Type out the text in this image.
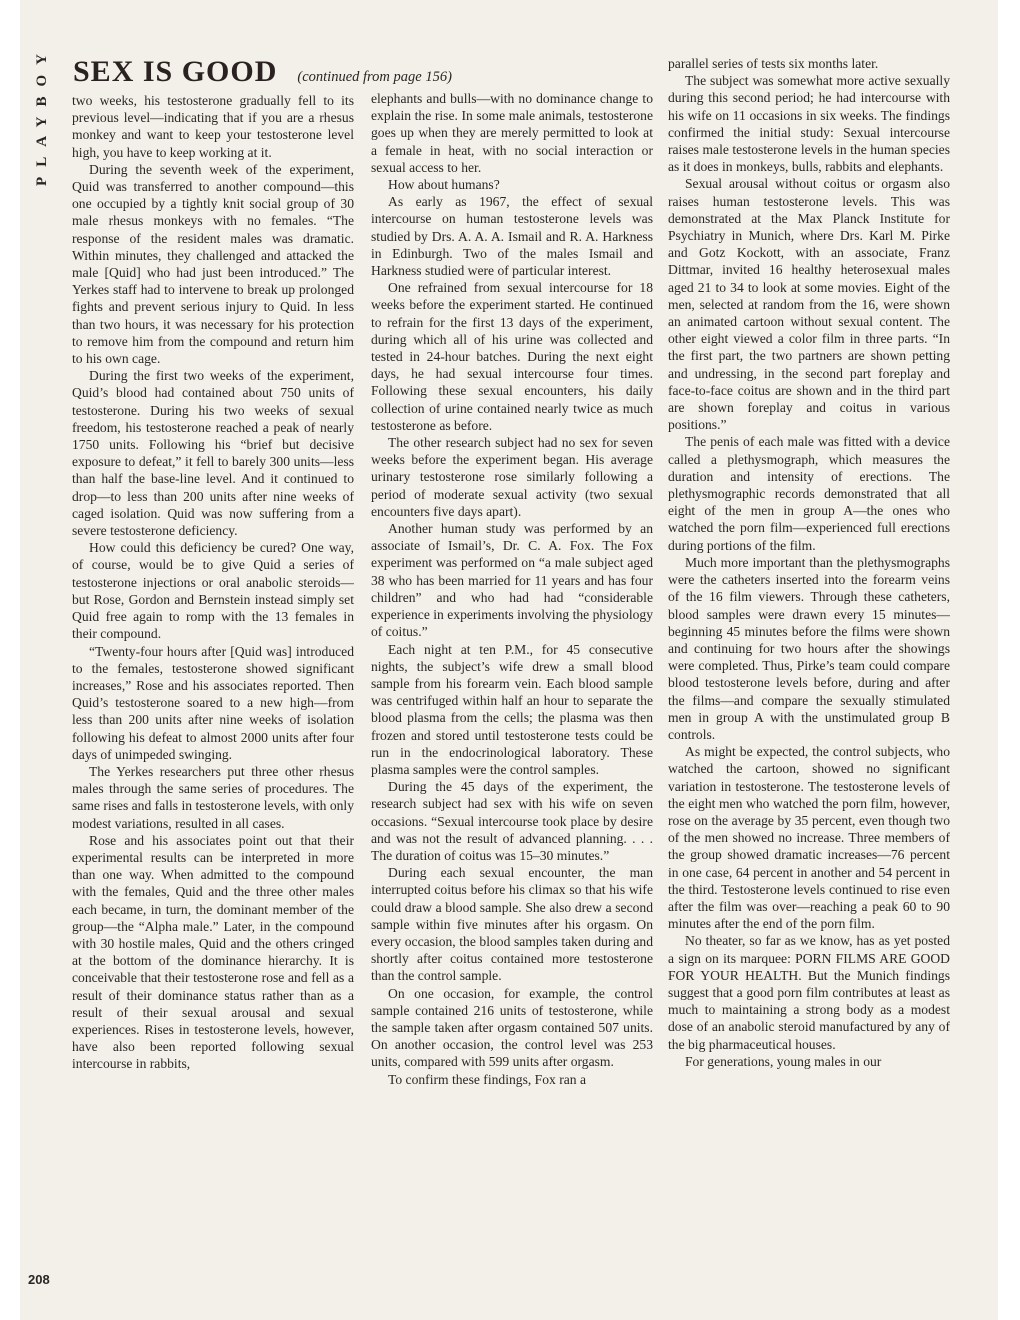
PLAYBOY SEX IS GOOD (continued from page 156)

two weeks, his testosterone gradually fell to its previous level—indicating that if you are a rhesus monkey and want to keep your testosterone level high, you have to keep working at it.

During the seventh week of the experiment, Quid was transferred to another compound—this one occupied by a tightly knit social group of 30 male rhesus monkeys with no females. “The response of the resident males was dramatic. Within minutes, they challenged and attacked the male [Quid] who had just been introduced.” The Yerkes staff had to intervene to break up prolonged fights and prevent serious injury to Quid. In less than two hours, it was necessary for his protection to remove him from the compound and return him to his own cage.

During the first two weeks of the experiment, Quid’s blood had contained about 750 units of testosterone. During his two weeks of sexual freedom, his testosterone reached a peak of nearly 1750 units. Following his “brief but decisive exposure to defeat,” it fell to barely 300 units—less than half the base-line level. And it continued to drop—to less than 200 units after nine weeks of caged isolation. Quid was now suffering from a severe testosterone deficiency.

How could this deficiency be cured? One way, of course, would be to give Quid a series of testosterone injections or oral anabolic steroids—but Rose, Gordon and Bernstein instead simply set Quid free again to romp with the 13 females in their compound.

“Twenty-four hours after [Quid was] introduced to the females, testosterone showed significant increases,” Rose and his associates reported. Then Quid’s testosterone soared to a new high—from less than 200 units after nine weeks of isolation following his defeat to almost 2000 units after four days of unimpeded swinging.

The Yerkes researchers put three other rhesus males through the same series of procedures. The same rises and falls in testosterone levels, with only modest variations, resulted in all cases.

Rose and his associates point out that their experimental results can be interpreted in more than one way. When admitted to the compound with the females, Quid and the three other males each became, in turn, the dominant member of the group—the “Alpha male.” Later, in the compound with 30 hostile males, Quid and the others cringed at the bottom of the dominance hierarchy. It is conceivable that their testosterone rose and fell as a result of their dominance status rather than as a result of their sexual arousal and sexual experiences. Rises in testosterone levels, however, have also been reported following sexual intercourse in rabbits,

elephants and bulls—with no dominance change to explain the rise. In some male animals, testosterone goes up when they are merely permitted to look at a female in heat, with no social interaction or sexual access to her.

How about humans?

As early as 1967, the effect of sexual intercourse on human testosterone levels was studied by Drs. A. A. A. Ismail and R. A. Harkness in Edinburgh. Two of the males Ismail and Harkness studied were of particular interest.

One refrained from sexual intercourse for 18 weeks before the experiment started. He continued to refrain for the first 13 days of the experiment, during which all of his urine was collected and tested in 24-hour batches. During the next eight days, he had sexual intercourse four times. Following these sexual encounters, his daily collection of urine contained nearly twice as much testosterone as before.

The other research subject had no sex for seven weeks before the experiment began. His average urinary testosterone rose similarly following a period of moderate sexual activity (two sexual encounters five days apart).

Another human study was performed by an associate of Ismail’s, Dr. C. A. Fox. The Fox experiment was performed on “a male subject aged 38 who has been married for 11 years and has four children” and who had had “considerable experience in experiments involving the physiology of coitus.”

Each night at ten P.M., for 45 consecutive nights, the subject’s wife drew a small blood sample from his forearm vein. Each blood sample was centrifuged within half an hour to separate the blood plasma from the cells; the plasma was then frozen and stored until testosterone tests could be run in the endocrinological laboratory. These plasma samples were the control samples.

During the 45 days of the experiment, the research subject had sex with his wife on seven occasions. “Sexual intercourse took place by desire and was not the result of advanced planning. . . . The duration of coitus was 15–30 minutes.”

During each sexual encounter, the man interrupted coitus before his climax so that his wife could draw a blood sample. She also drew a second sample within five minutes after his orgasm. On every occasion, the blood samples taken during and shortly after coitus contained more testosterone than the control sample.

On one occasion, for example, the control sample contained 216 units of testosterone, while the sample taken after orgasm contained 507 units. On another occasion, the control level was 253 units, compared with 599 units after orgasm.

To confirm these findings, Fox ran a

parallel series of tests six months later.

The subject was somewhat more active sexually during this second period; he had intercourse with his wife on 11 occasions in six weeks. The findings confirmed the initial study: Sexual intercourse raises male testosterone levels in the human species as it does in monkeys, bulls, rabbits and elephants.

Sexual arousal without coitus or orgasm also raises human testosterone levels. This was demonstrated at the Max Planck Institute for Psychiatry in Munich, where Drs. Karl M. Pirke and Gotz Kockott, with an associate, Franz Dittmar, invited 16 healthy heterosexual males aged 21 to 34 to look at some movies. Eight of the men, selected at random from the 16, were shown an animated cartoon without sexual content. The other eight viewed a color film in three parts. “In the first part, the two partners are shown petting and undressing, in the second part foreplay and face-to-face coitus are shown and in the third part are shown foreplay and coitus in various positions.”

The penis of each male was fitted with a device called a plethysmograph, which measures the duration and intensity of erections. The plethysmographic records demonstrated that all eight of the men in group A—the ones who watched the porn film—experienced full erections during portions of the film.

Much more important than the plethysmographs were the catheters inserted into the forearm veins of the 16 film viewers. Through these catheters, blood samples were drawn every 15 minutes—beginning 45 minutes before the films were shown and continuing for two hours after the showings were completed. Thus, Pirke’s team could compare blood testosterone levels before, during and after the films—and compare the sexually stimulated men in group A with the unstimulated group B controls.

As might be expected, the control subjects, who watched the cartoon, showed no significant variation in testosterone. The testosterone levels of the eight men who watched the porn film, however, rose on the average by 35 percent, even though two of the men showed no increase. Three members of the group showed dramatic increases—76 percent in one case, 64 percent in another and 54 percent in the third. Testosterone levels continued to rise even after the film was over—reaching a peak 60 to 90 minutes after the end of the porn film.

No theater, so far as we know, has as yet posted a sign on its marquee: PORN FILMS ARE GOOD FOR YOUR HEALTH. But the Munich findings suggest that a good porn film contributes at least as much to maintaining a strong body as a modest dose of an anabolic steroid manufactured by any of the big pharmaceutical houses.

For generations, young males in our

208
